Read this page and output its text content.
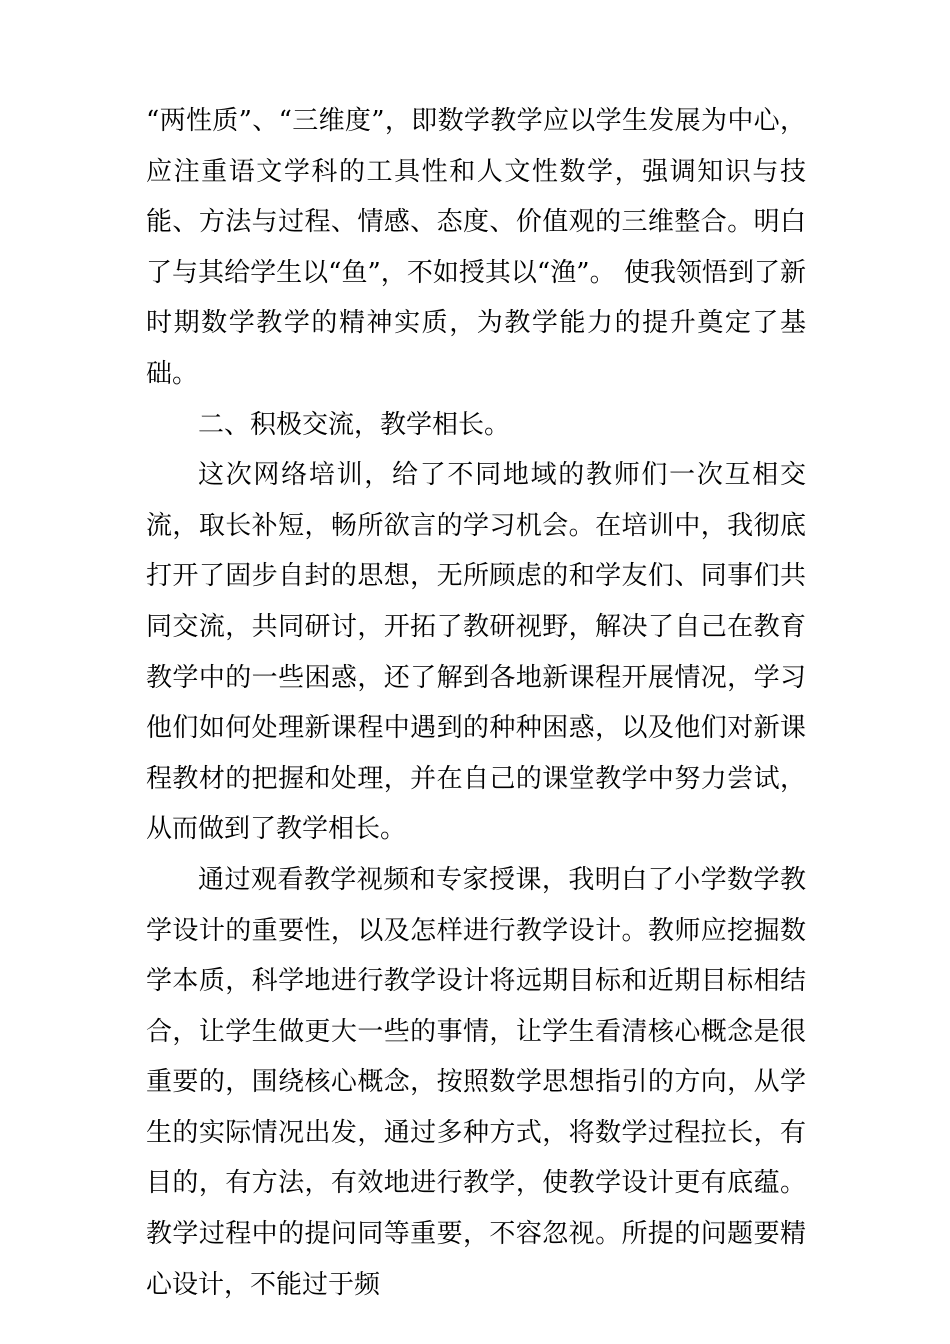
“两性质”、“三维度”，即数学教学应以学生发展为中心，应注重语文学科的工具性和人文性数学，强调知识与技能、方法与过程、情感、态度、价值观的三维整合。明白了与其给学生以“鱼”，不如授其以“渔”。 使我领悟到了新时期数学教学的精神实质，为教学能力的提升奠定了基础。

二、积极交流，教学相长。

这次网络培训，给了不同地域的教师们一次互相交流，取长补短，畅所欲言的学习机会。在培训中，我彻底打开了固步自封的思想，无所顾虑的和学友们、同事们共同交流，共同研讨，开拓了教研视野，解决了自己在教育教学中的一些困惑，还了解到各地新课程开展情况，学习他们如何处理新课程中遇到的种种困惑，以及他们对新课程教材的把握和处理，并在自己的课堂教学中努力尝试，从而做到了教学相长。

通过观看教学视频和专家授课，我明白了小学数学教学设计的重要性，以及怎样进行教学设计。教师应挖掘数学本质，科学地进行教学设计将远期目标和近期目标相结合，让学生做更大一些的事情，让学生看清核心概念是很重要的，围绕核心概念，按照数学思想指引的方向，从学生的实际情况出发，通过多种方式，将数学过程拉长，有目的，有方法，有效地进行教学，使教学设计更有底蕴。教学过程中的提问同等重要，不容忽视。所提的问题要精心设计，不能过于频
